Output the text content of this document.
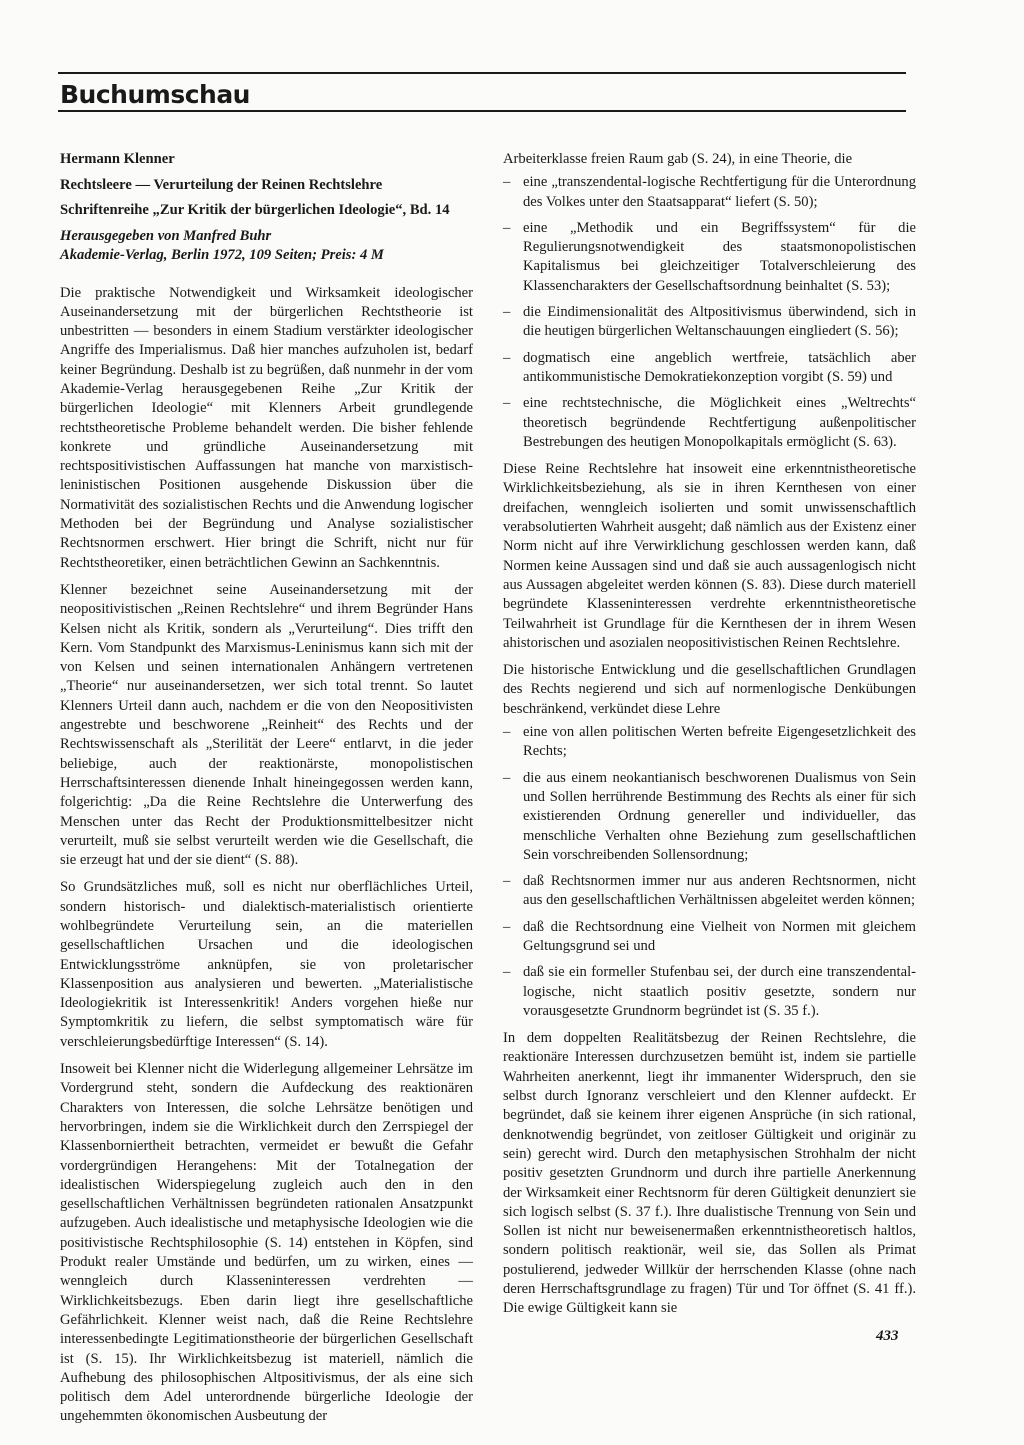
Buchumschau

Hermann Klenner

Rechtsleere — Verurteilung der Reinen Rechtslehre

Schriftenreihe „Zur Kritik der bürgerlichen Ideologie“, Bd. 14

Herausgegeben von Manfred Buhr

Akademie-Verlag, Berlin 1972, 109 Seiten; Preis: 4 M

Die praktische Notwendigkeit und Wirksamkeit ideologischer Auseinandersetzung mit der bürgerlichen Rechtstheorie ist unbestritten — besonders in einem Stadium verstärkter ideologischer Angriffe des Imperialismus. Daß hier manches aufzuholen ist, bedarf keiner Begründung. Deshalb ist zu begrüßen, daß nunmehr in der vom Akademie-Verlag herausgegebenen Reihe „Zur Kritik der bürgerlichen Ideologie“ mit Klenners Arbeit grundlegende rechtstheoretische Probleme behandelt werden. Die bisher fehlende konkrete und gründliche Auseinandersetzung mit rechtspositivistischen Auffassungen hat manche von marxistisch-leninistischen Positionen ausgehende Diskussion über die Normativität des sozialistischen Rechts und die Anwendung logischer Methoden bei der Begründung und Analyse sozialistischer Rechtsnormen erschwert. Hier bringt die Schrift, nicht nur für Rechtstheoretiker, einen beträchtlichen Gewinn an Sachkenntnis.

Klenner bezeichnet seine Auseinandersetzung mit der neopositivistischen „Reinen Rechtslehre“ und ihrem Begründer Hans Kelsen nicht als Kritik, sondern als „Verurteilung“. Dies trifft den Kern. Vom Standpunkt des Marxismus-Leninismus kann sich mit der von Kelsen und seinen internationalen Anhängern vertretenen „Theorie“ nur auseinandersetzen, wer sich total trennt. So lautet Klenners Urteil dann auch, nachdem er die von den Neopositivisten angestrebte und beschworene „Reinheit“ des Rechts und der Rechtswissenschaft als „Sterilität der Leere“ entlarvt, in die jeder beliebige, auch der reaktionärste, monopolistischen Herrschaftsinteressen dienende Inhalt hineingegossen werden kann, folgerichtig: „Da die Reine Rechtslehre die Unterwerfung des Menschen unter das Recht der Produktionsmittelbesitzer nicht verurteilt, muß sie selbst verurteilt werden wie die Gesellschaft, die sie erzeugt hat und der sie dient“ (S. 88).

So Grundsätzliches muß, soll es nicht nur oberflächliches Urteil, sondern historisch- und dialektisch-materialistisch orientierte wohlbegründete Verurteilung sein, an die materiellen gesellschaftlichen Ursachen und die ideologischen Entwicklungsströme anknüpfen, sie von proletarischer Klassenposition aus analysieren und bewerten. „Materialistische Ideologiekritik ist Interessenkritik! Anders vorgehen hieße nur Symptomkritik zu liefern, die selbst symptomatisch wäre für verschleierungsbedürftige Interessen“ (S. 14).

Insoweit bei Klenner nicht die Widerlegung allgemeiner Lehrsätze im Vordergrund steht, sondern die Aufdeckung des reaktionären Charakters von Interessen, die solche Lehrsätze benötigen und hervorbringen, indem sie die Wirklichkeit durch den Zerrspiegel der Klassenborniertheit betrachten, vermeidet er bewußt die Gefahr vordergründigen Herangehens: Mit der Totalnegation der idealistischen Widerspiegelung zugleich auch den in den gesellschaftlichen Verhältnissen begründeten rationalen Ansatzpunkt aufzugeben. Auch idealistische und metaphysische Ideologien wie die positivistische Rechtsphilosophie (S. 14) entstehen in Köpfen, sind Produkt realer Umstände und bedürfen, um zu wirken, eines — wenngleich durch Klasseninteressen verdrehten — Wirklichkeitsbezugs. Eben darin liegt ihre gesellschaftliche Gefährlichkeit. Klenner weist nach, daß die Reine Rechtslehre interessenbedingte Legitimationstheorie der bürgerlichen Gesellschaft ist (S. 15). Ihr Wirklichkeitsbezug ist materiell, nämlich die Aufhebung des philosophischen Altpositivismus, der als eine sich politisch dem Adel unterordnende bürgerliche Ideologie der ungehemmten ökonomischen Ausbeutung der

Arbeiterklasse freien Raum gab (S. 24), in eine Theorie, die

– eine „transzendental-logische Rechtfertigung für die Unterordnung des Volkes unter den Staatsapparat“ liefert (S. 50);
– eine „Methodik und ein Begriffssystem“ für die Regulierungsnotwendigkeit des staatsmonopolistischen Kapitalismus bei gleichzeitiger Totalverschleierung des Klassencharakters der Gesellschaftsordnung beinhaltet (S. 53);
– die Eindimensionalität des Altpositivismus überwindend, sich in die heutigen bürgerlichen Weltanschauungen eingliedert (S. 56);
– dogmatisch eine angeblich wertfreie, tatsächlich aber antikommunistische Demokratiekonzeption vorgibt (S. 59) und
– eine rechtstechnische, die Möglichkeit eines „Weltrechts“ theoretisch begründende Rechtfertigung außenpolitischer Bestrebungen des heutigen Monopolkapitals ermöglicht (S. 63).

Diese Reine Rechtslehre hat insoweit eine erkenntnistheoretische Wirklichkeitsbeziehung, als sie in ihren Kernthesen von einer dreifachen, wenngleich isolierten und somit unwissenschaftlich verabsolutierten Wahrheit ausgeht; daß nämlich aus der Existenz einer Norm nicht auf ihre Verwirklichung geschlossen werden kann, daß Normen keine Aussagen sind und daß sie auch aussagenlogisch nicht aus Aussagen abgeleitet werden können (S. 83). Diese durch materiell begründete Klasseninteressen verdrehte erkenntnistheoretische Teilwahrheit ist Grundlage für die Kernthesen der in ihrem Wesen ahistorischen und asozialen neopositivistischen Reinen Rechtslehre.

Die historische Entwicklung und die gesellschaftlichen Grundlagen des Rechts negierend und sich auf normenlogische Denkübungen beschränkend, verkündet diese Lehre

– eine von allen politischen Werten befreite Eigengesetzlichkeit des Rechts;
– die aus einem neokantianisch beschworenen Dualismus von Sein und Sollen herrührende Bestimmung des Rechts als einer für sich existierenden Ordnung genereller und individueller, das menschliche Verhalten ohne Beziehung zum gesellschaftlichen Sein vorschreibenden Sollensordnung;
– daß Rechtsnormen immer nur aus anderen Rechtsnormen, nicht aus den gesellschaftlichen Verhältnissen abgeleitet werden können;
– daß die Rechtsordnung eine Vielheit von Normen mit gleichem Geltungsgrund sei und
– daß sie ein formeller Stufenbau sei, der durch eine transzendental-logische, nicht staatlich positiv gesetzte, sondern nur vorausgesetzte Grundnorm begründet ist (S. 35 f.).

In dem doppelten Realitätsbezug der Reinen Rechtslehre, die reaktionäre Interessen durchzusetzen bemüht ist, indem sie partielle Wahrheiten anerkennt, liegt ihr immanenter Widerspruch, den sie selbst durch Ignoranz verschleiert und den Klenner aufdeckt. Er begründet, daß sie keinem ihrer eigenen Ansprüche (in sich rational, denknotwendig begründet, von zeitloser Gültigkeit und originär zu sein) gerecht wird. Durch den metaphysischen Strohhalm der nicht positiv gesetzten Grundnorm und durch ihre partielle Anerkennung der Wirksamkeit einer Rechtsnorm für deren Gültigkeit denunziert sie sich logisch selbst (S. 37 f.). Ihre dualistische Trennung von Sein und Sollen ist nicht nur beweisenermaßen erkenntnistheoretisch haltlos, sondern politisch reaktionär, weil sie, das Sollen als Primat postulierend, jedweder Willkür der herrschenden Klasse (ohne nach deren Herrschaftsgrundlage zu fragen) Tür und Tor öffnet (S. 41 ff.). Die ewige Gültigkeit kann sie

433
